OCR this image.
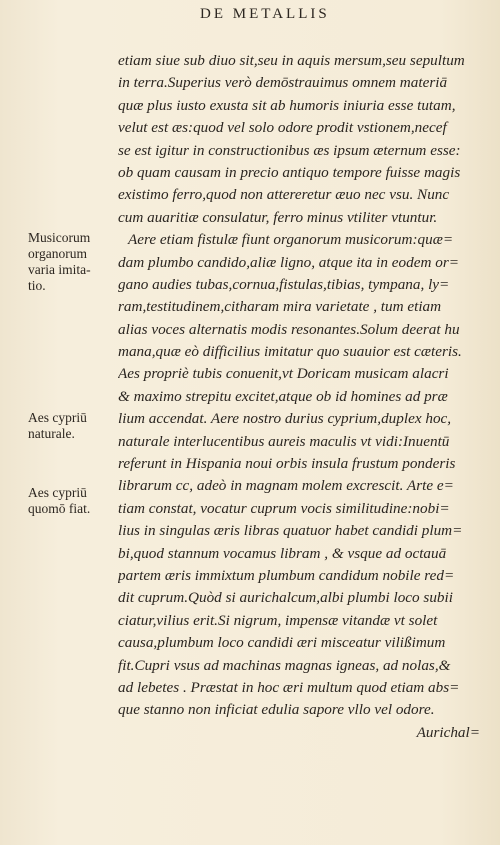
DE METALLIS
Musicorum
organorum
varia imita-
tio.
Aes cypriū
naturale.
Aes cypriū
quomō fiat.
etiam siue sub diuo sit,seu in aquis mersum,seu sepultum
in terra.Superius verò demōstrauimus omnem materiā
quæ plus iusto exusta sit ab humoris iniuria esse tutam,
velut est æs:quod vel solo odore prodit vstionem,necef
se est igitur in constructionibus æs ipsum æternum esse:
ob quam causam in precio antiquo tempore fuisse magis
existimo ferro,quod non attereretur æuo nec vsu. Nunc
cum auaritiæ consulatur, ferro minus vtiliter vtuntur.
Aere etiam fistulæ fiunt organorum musicorum:quæ=
dam plumbo candido,aliæ ligno, atque ita in eodem or=
gano audies tubas,cornua,fistulas,tibias, tympana, ly=
ram,testitudinem,citharam mira varietate , tum etiam
alias voces alternatis modis resonantes.Solum deerat hu
mana,quæ eò difficilius imitatur quo suauior est cæteris.
Aes propriè tubis conuenit,vt Doricam musicam alacri
& maximo strepitu excitet,atque ob id homines ad præ
lium accendat. Aere nostro durius cyprium,duplex hoc,
naturale interlucentibus aureis maculis vt vidi:Inuentū
referunt in Hispania noui orbis insula frustum ponderis
librarum cc, adeò in magnam molem excrescit. Arte e=
tiam constat, vocatur cuprum vocis similitudine:nobi=
lius in singulas æris libras quatuor habet candidi plum=
bi,quod stannum vocamus libram , & vsque ad octauā
partem æris immixtum plumbum candidum nobile red=
dit cuprum.Quòd si aurichalcum,albi plumbi loco subii
ciatur,vilius erit.Si nigrum, impensæ vitandæ vt solet
causa,plumbum loco candidi æri misceatur vilißimum
fit.Cupri vsus ad machinas magnas igneas, ad nolas,&
ad lebetes . Præstat in hoc æri multum quod etiam abs=
que stanno non inficiat edulia sapore vllo vel odore.
Aurichal=
